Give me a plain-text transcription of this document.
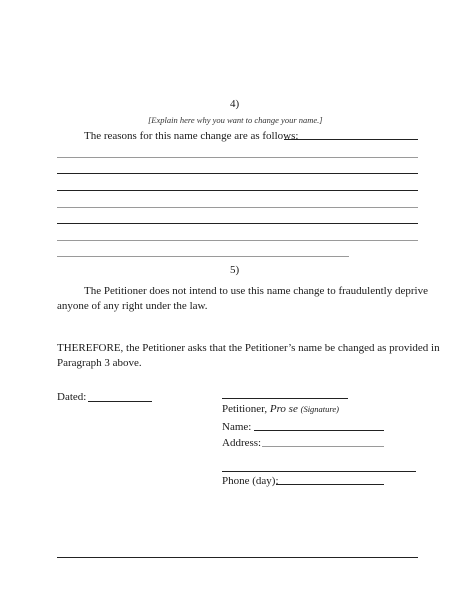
4)
[Explain here why you want to change your name.]
The reasons for this name change are as follows:
5)
The Petitioner does not intend to use this name change to fraudulently deprive
anyone of any right under the law.
THEREFORE, the Petitioner asks that the Petitioner’s name be changed as provided in
Paragraph 3 above.
Dated:
Petitioner, Pro se (Signature)
Name:
Address:
Phone (day):
